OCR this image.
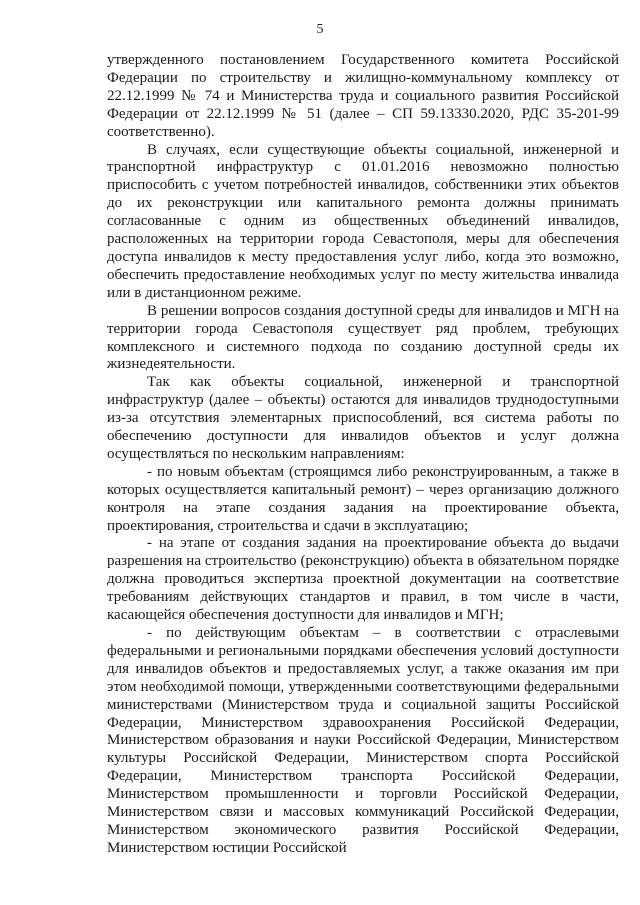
5

утвержденного постановлением Государственного комитета Российской Федерации по строительству и жилищно-коммунальному комплексу от 22.12.1999 № 74 и Министерства труда и социального развития Российской Федерации от 22.12.1999 № 51 (далее – СП 59.13330.2020, РДС 35-201-99 соответственно).

В случаях, если существующие объекты социальной, инженерной и транспортной инфраструктур с 01.01.2016 невозможно полностью приспособить с учетом потребностей инвалидов, собственники этих объектов до их реконструкции или капитального ремонта должны принимать согласованные с одним из общественных объединений инвалидов, расположенных на территории города Севастополя, меры для обеспечения доступа инвалидов к месту предоставления услуг либо, когда это возможно, обеспечить предоставление необходимых услуг по месту жительства инвалида или в дистанционном режиме.

В решении вопросов создания доступной среды для инвалидов и МГН на территории города Севастополя существует ряд проблем, требующих комплексного и системного подхода по созданию доступной среды их жизнедеятельности.

Так как объекты социальной, инженерной и транспортной инфраструктур (далее – объекты) остаются для инвалидов труднодоступными из-за отсутствия элементарных приспособлений, вся система работы по обеспечению доступности для инвалидов объектов и услуг должна осуществляться по нескольким направлениям:

- по новым объектам (строящимся либо реконструированным, а также в которых осуществляется капитальный ремонт) – через организацию должного контроля на этапе создания задания на проектирование объекта, проектирования, строительства и сдачи в эксплуатацию;

- на этапе от создания задания на проектирование объекта до выдачи разрешения на строительство (реконструкцию) объекта в обязательном порядке должна проводиться экспертиза проектной документации на соответствие требованиям действующих стандартов и правил, в том числе в части, касающейся обеспечения доступности для инвалидов и МГН;

- по действующим объектам – в соответствии с отраслевыми федеральными и региональными порядками обеспечения условий доступности для инвалидов объектов и предоставляемых услуг, а также оказания им при этом необходимой помощи, утвержденными соответствующими федеральными министерствами (Министерством труда и социальной защиты Российской Федерации, Министерством здравоохранения Российской Федерации, Министерством образования и науки Российской Федерации, Министерством культуры Российской Федерации, Министерством спорта Российской Федерации, Министерством транспорта Российской Федерации, Министерством промышленности и торговли Российской Федерации, Министерством связи и массовых коммуникаций Российской Федерации, Министерством экономического развития Российской Федерации, Министерством юстиции Российской
